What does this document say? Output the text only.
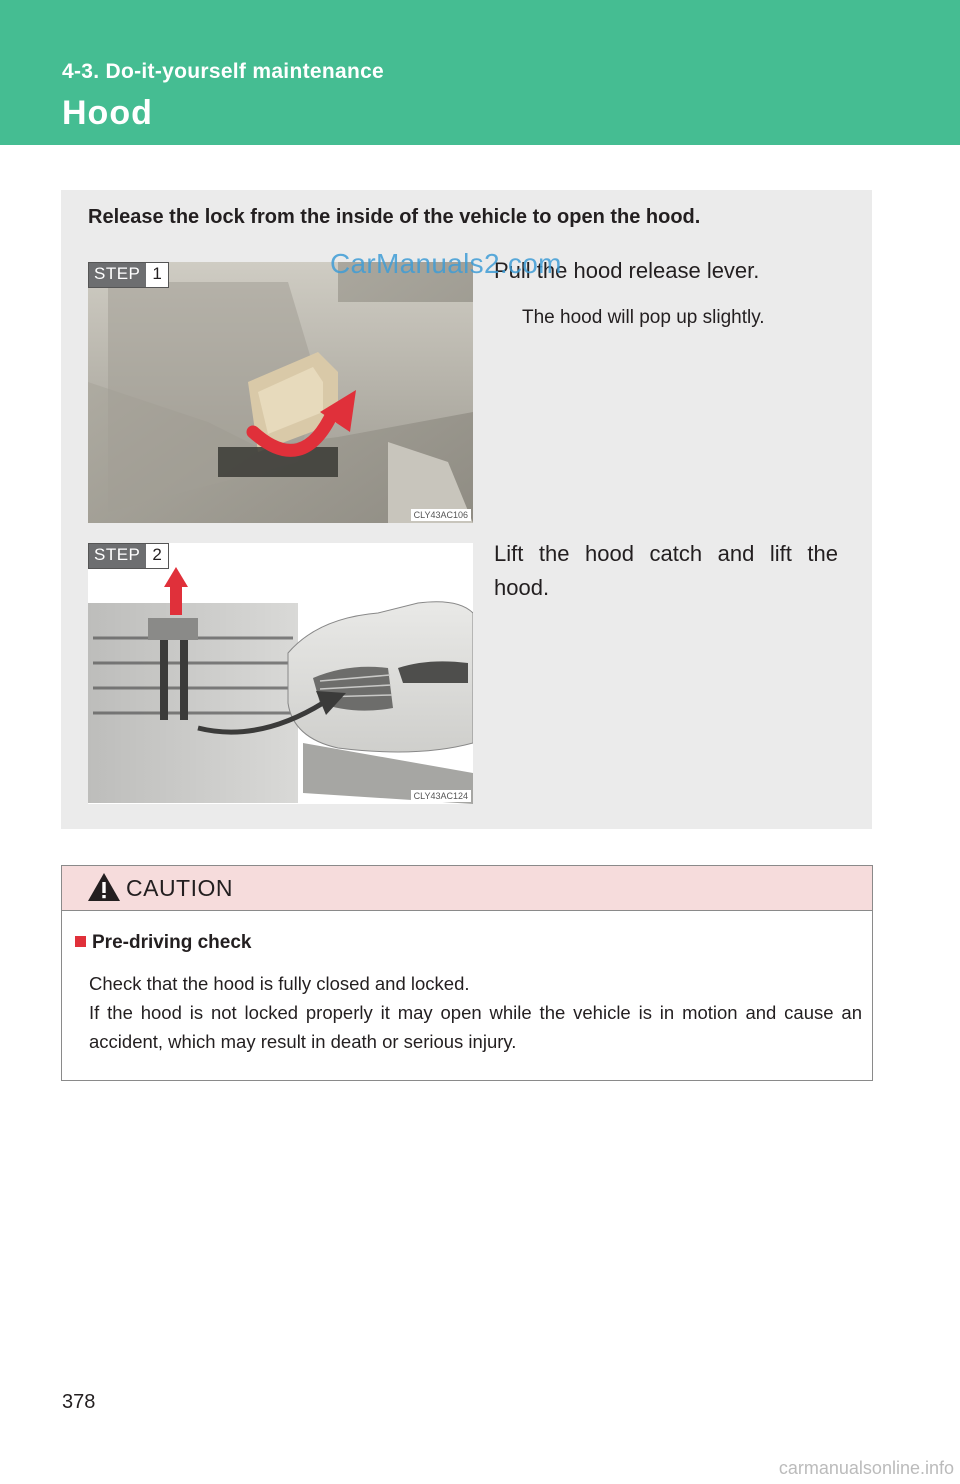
4-3. Do-it-yourself maintenance
Hood
Release the lock from the inside of the vehicle to open the hood.
STEP 1
CLY43AC106
Pull the hood release lever.
The hood will pop up slightly.
CarManuals2.com
STEP 2
CLY43AC124
Lift the hood catch and lift the hood.
CAUTION
Pre-driving check

Check that the hood is fully closed and locked.

If the hood is not locked properly it may open while the vehicle is in motion and cause an accident, which may result in death or serious injury.

378
carmanualsonline.info
